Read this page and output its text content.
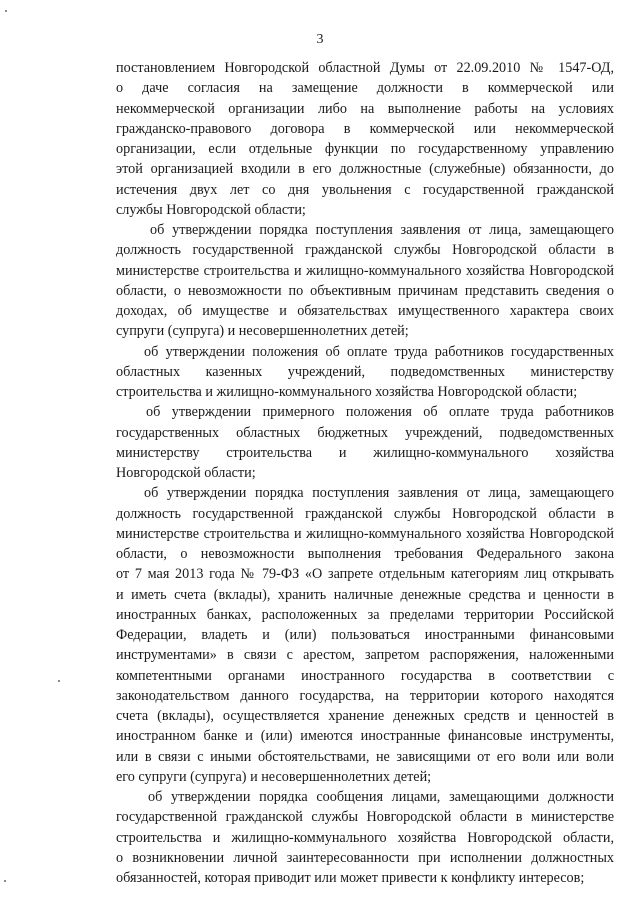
3
постановлением Новгородской областной Думы от 22.09.2010 № 1547-ОД,
о даче согласия на замещение должности в коммерческой или
некоммерческой организации либо на выполнение работы на условиях
гражданско-правового договора в коммерческой или некоммерческой
организации, если отдельные функции по государственному управлению
этой организацией входили в его должностные (служебные) обязанности, до
истечения двух лет со дня увольнения с государственной гражданской
службы Новгородской области;
об утверждении порядка поступления заявления от лица, замещающего
должность государственной гражданской службы Новгородской области в
министерстве строительства и жилищно-коммунального хозяйства Новгородской
области, о невозможности по объективным причинам представить сведения о
доходах, об имуществе и обязательствах имущественного характера своих
супруги (супруга) и несовершеннолетних детей;
об утверждении положения об оплате труда работников государственных
областных казенных учреждений, подведомственных министерству
строительства и жилищно-коммунального хозяйства Новгородской области;
об утверждении примерного положения об оплате труда работников
государственных областных бюджетных учреждений, подведомственных
министерству строительства и жилищно-коммунального хозяйства
Новгородской области;
об утверждении порядка поступления заявления от лица, замещающего
должность государственной гражданской службы Новгородской области в
министерстве строительства и жилищно-коммунального хозяйства Новгородской
области, о невозможности выполнения требования Федерального закона
от 7 мая 2013 года № 79-ФЗ «О запрете отдельным категориям лиц открывать
и иметь счета (вклады), хранить наличные денежные средства и ценности в
иностранных банках, расположенных за пределами территории Российской
Федерации, владеть и (или) пользоваться иностранными финансовыми
инструментами» в связи с арестом, запретом распоряжения, наложенными
компетентными органами иностранного государства в соответствии с
законодательством данного государства, на территории которого находятся
счета (вклады), осуществляется хранение денежных средств и ценностей в
иностранном банке и (или) имеются иностранные финансовые инструменты,
или в связи с иными обстоятельствами, не зависящими от его воли или воли
его супруги (супруга) и несовершеннолетних детей;
об утверждении порядка сообщения лицами, замещающими должности
государственной гражданской службы Новгородской области в министерстве
строительства и жилищно-коммунального хозяйства Новгородской области,
о возникновении личной заинтересованности при исполнении должностных
обязанностей, которая приводит или может привести к конфликту интересов;
